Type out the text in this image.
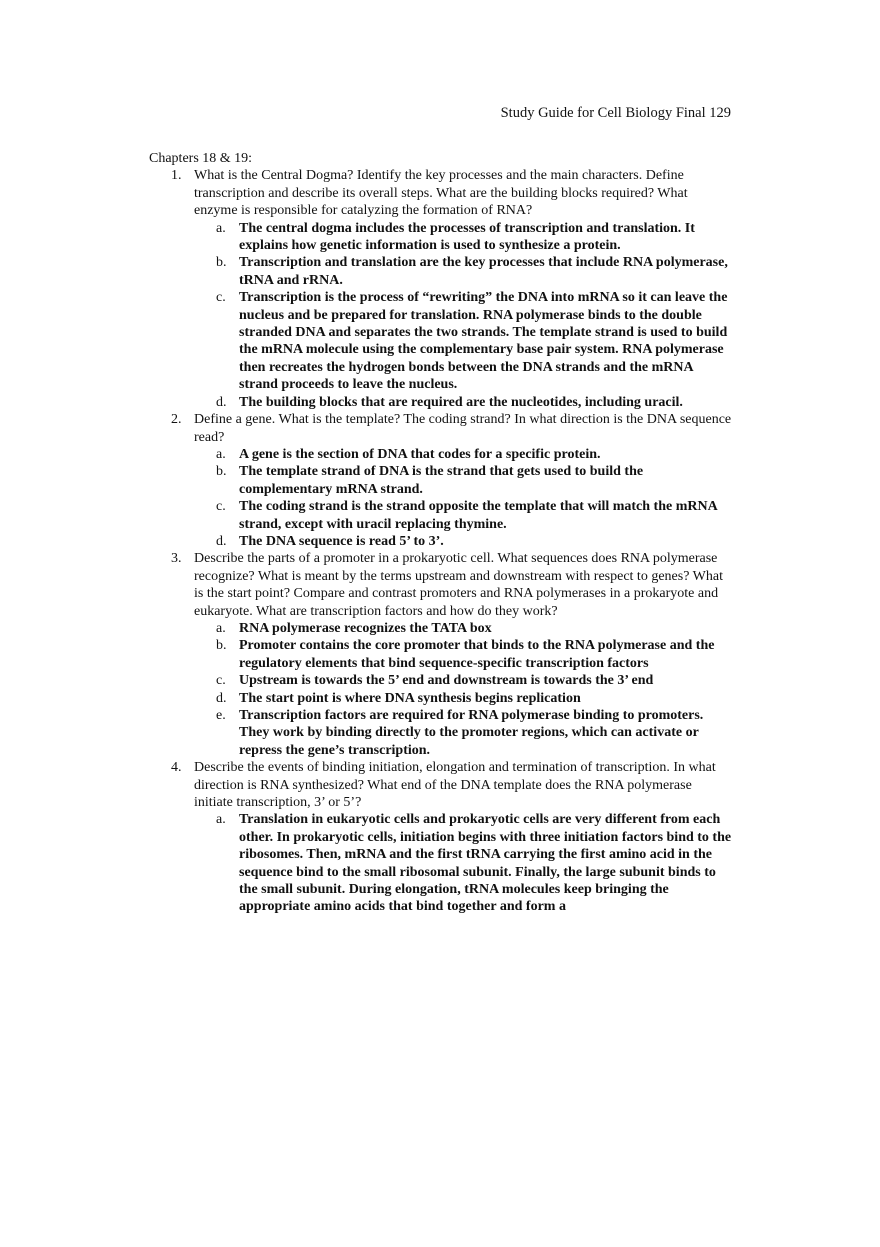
Study Guide for Cell Biology Final 129

Chapters 18 & 19:

1. What is the Central Dogma? Identify the key processes and the main characters. Define transcription and describe its overall steps. What are the building blocks required? What enzyme is responsible for catalyzing the formation of RNA?

a. The central dogma includes the processes of transcription and translation. It explains how genetic information is used to synthesize a protein.
b. Transcription and translation are the key processes that include RNA polymerase, tRNA and rRNA.
c. Transcription is the process of “rewriting” the DNA into mRNA so it can leave the nucleus and be prepared for translation. RNA polymerase binds to the double stranded DNA and separates the two strands. The template strand is used to build the mRNA molecule using the complementary base pair system. RNA polymerase then recreates the hydrogen bonds between the DNA strands and the mRNA strand proceeds to leave the nucleus.
d. The building blocks that are required are the nucleotides, including uracil.
2. Define a gene. What is the template? The coding strand? In what direction is the DNA sequence read?

a. A gene is the section of DNA that codes for a specific protein.
b. The template strand of DNA is the strand that gets used to build the complementary mRNA strand.
c. The coding strand is the strand opposite the template that will match the mRNA strand, except with uracil replacing thymine.
d. The DNA sequence is read 5’ to 3’.
3. Describe the parts of a promoter in a prokaryotic cell. What sequences does RNA polymerase recognize? What is meant by the terms upstream and downstream with respect to genes? What is the start point? Compare and contrast promoters and RNA polymerases in a prokaryote and eukaryote. What are transcription factors and how do they work?

a. RNA polymerase recognizes the TATA box
b. Promoter contains the core promoter that binds to the RNA polymerase and the regulatory elements that bind sequence-specific transcription factors
c. Upstream is towards the 5’ end and downstream is towards the 3’ end
d. The start point is where DNA synthesis begins replication
e. Transcription factors are required for RNA polymerase binding to promoters. They work by binding directly to the promoter regions, which can activate or repress the gene’s transcription.
4. Describe the events of binding initiation, elongation and termination of transcription. In what direction is RNA synthesized? What end of the DNA template does the RNA polymerase initiate transcription, 3’ or 5’?

a. Translation in eukaryotic cells and prokaryotic cells are very different from each other. In prokaryotic cells, initiation begins with three initiation factors bind to the ribosomes. Then, mRNA and the first tRNA carrying the first amino acid in the sequence bind to the small ribosomal subunit. Finally, the large subunit binds to the small subunit. During elongation, tRNA molecules keep bringing the appropriate amino acids that bind together and form a
